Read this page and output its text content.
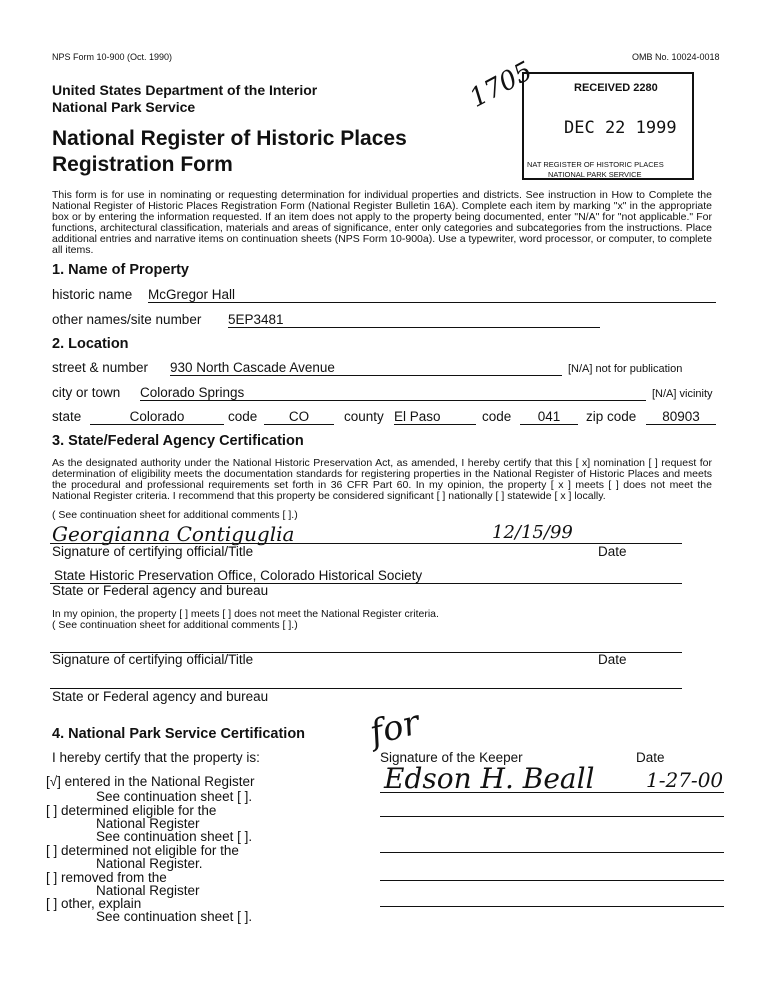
NPS Form 10-900 (Oct. 1990)	OMB No. 10024-0018
United States Department of the Interior
National Park Service
National Register of Historic Places
Registration Form
1705	RECEIVED 2280
DEC 22 1999
NAT REGISTER OF HISTORIC PLACES
NATIONAL PARK SERVICE
This form is for use in nominating or requesting determination for individual properties and districts. See instruction in How to Complete the National Register of Historic Places Registration Form (National Register Bulletin 16A). Complete each item by marking "x" in the appropriate box or by entering the information requested. If an item does not apply to the property being documented, enter "N/A" for "not applicable." For functions, architectural classification, materials and areas of significance, enter only categories and subcategories from the instructions. Place additional entries and narrative items on continuation sheets (NPS Form 10-900a). Use a typewriter, word processor, or computer, to complete all items.
1. Name of Property
historic name McGregor Hall
other names/site number 5EP3481
2. Location
street & number 930 North Cascade Avenue	[N/A] not for publication
city or town Colorado Springs	[N/A] vicinity
state	Colorado	code	CO	county El Paso	code	041	zip code	80903
3. State/Federal Agency Certification
As the designated authority under the National Historic Preservation Act, as amended, I hereby certify that this [ x] nomination [ ] request for determination of eligibility meets the documentation standards for registering properties in the National Register of Historic Places and meets the procedural and professional requirements set forth in 36 CFR Part 60. In my opinion, the property [ x ] meets [ ] does not meet the National Register criteria. I recommend that this property be considered significant [ ] nationally [ ] statewide [ x ] locally.
( See continuation sheet for additional comments [ ].)
Georgianna Contiguglia	12/15/99
Signature of certifying official/Title	Date
State Historic Preservation Office, Colorado Historical Society
State or Federal agency and bureau
In my opinion, the property [ ] meets [ ] does not meet the National Register criteria.
( See continuation sheet for additional comments [ ].)
Signature of certifying official/Title	Date
State or Federal agency and bureau
4. National Park Service Certification
I hereby certify that the property is:
for
Signature of the Keeper	Date
Edson H. Beall	1-27-00
[√] entered in the National Register
See continuation sheet [ ].
[ ] determined eligible for the
National Register
See continuation sheet [ ].
[ ] determined not eligible for the
National Register.
[ ] removed from the
National Register
[ ] other, explain
See continuation sheet [ ].
